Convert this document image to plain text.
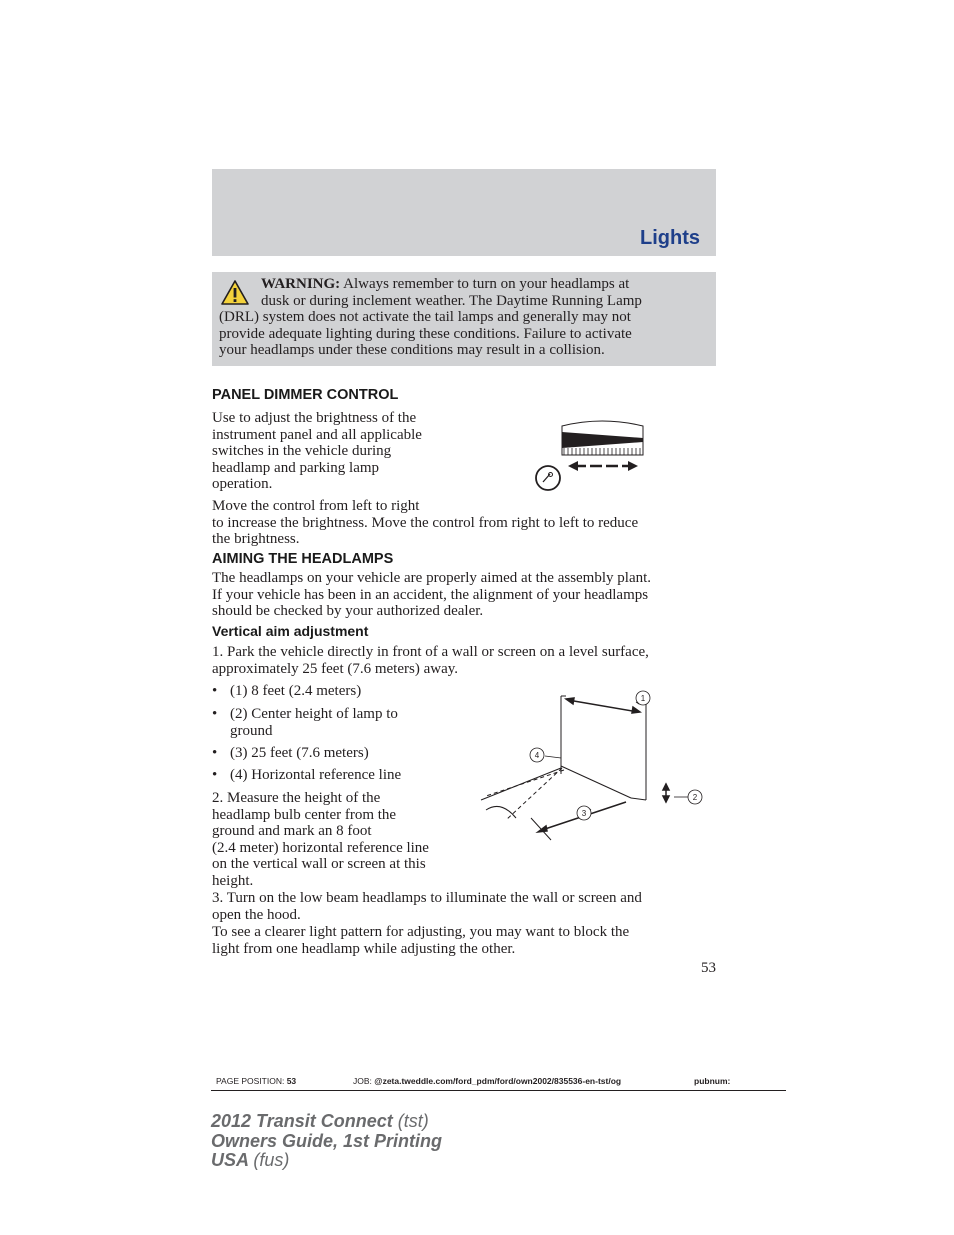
Lights
WARNING: Always remember to turn on your headlamps at
dusk or during inclement weather. The Daytime Running Lamp
(DRL) system does not activate the tail lamps and generally may not
provide adequate lighting during these conditions. Failure to activate
your headlamps under these conditions may result in a collision.
PANEL DIMMER CONTROL
Use to adjust the brightness of the
instrument panel and all applicable
switches in the vehicle during
headlamp and parking lamp
operation.
Move the control from left to right
to increase the brightness. Move the control from right to left to reduce
the brightness.
AIMING THE HEADLAMPS
The headlamps on your vehicle are properly aimed at the assembly plant.
If your vehicle has been in an accident, the alignment of your headlamps
should be checked by your authorized dealer.
Vertical aim adjustment
1. Park the vehicle directly in front of a wall or screen on a level surface,
approximately 25 feet (7.6 meters) away.
• (1) 8 feet (2.4 meters)
• (2) Center height of lamp to
ground
• (3) 25 feet (7.6 meters)
• (4) Horizontal reference line
2. Measure the height of the
headlamp bulb center from the
ground and mark an 8 foot
(2.4 meter) horizontal reference line
on the vertical wall or screen at this
height.
1
4
3
2
3. Turn on the low beam headlamps to illuminate the wall or screen and
open the hood.
To see a clearer light pattern for adjusting, you may want to block the
light from one headlamp while adjusting the other.
53
PAGE POSITION: 53	JOB: @zeta.tweddle.com/ford_pdm/ford/own2002/835536-en-tst/og	pubnum:
2012 Transit Connect (tst)
Owners Guide, 1st Printing
USA (fus)
